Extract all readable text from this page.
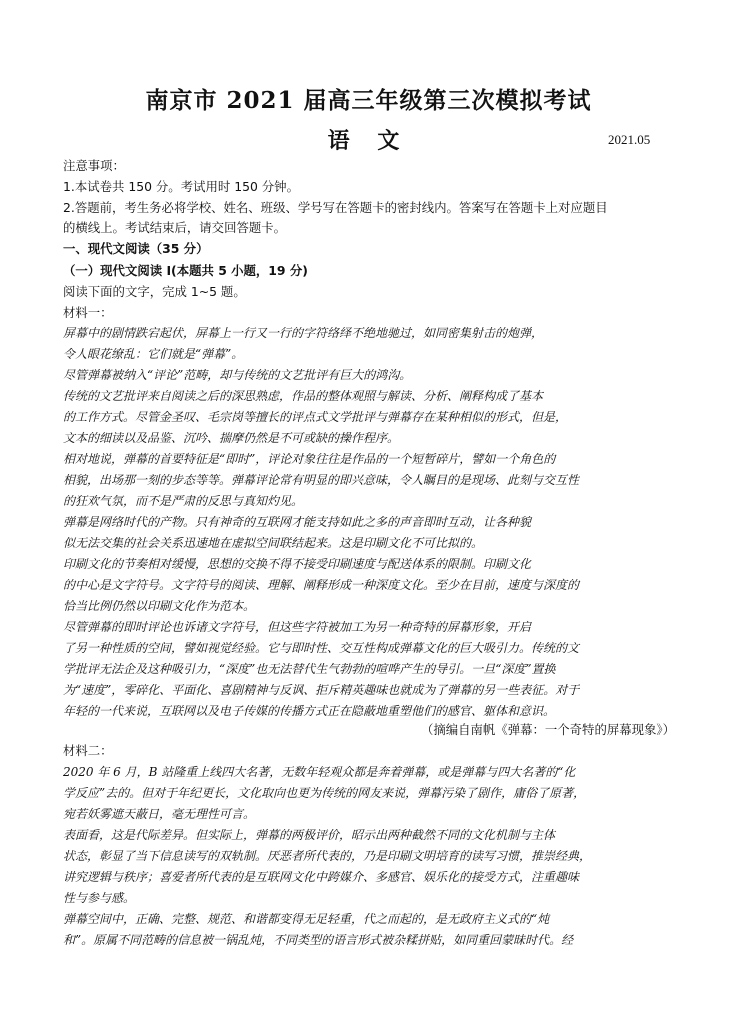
南京市 2021 届高三年级第三次模拟考试
语 文	2021.05
注意事项：
1.本试卷共 150 分。考试用时 150 分钟。
2.答题前，考生务必将学校、姓名、班级、学号写在答题卡的密封线内。答案写在答题卡上对应题目
的横线上。考试结束后，请交回答题卡。
一、现代文阅读（35 分）
（一）现代文阅读 I(本题共 5 小题，19 分)
阅读下面的文字，完成 1~5 题。
材料一：
屏幕中的剧情跌宕起伏，屏幕上一行又一行的字符络绎不绝地驰过，如同密集射击的炮弹，
令人眼花缭乱：它们就是“弹幕”。
尽管弹幕被纳入“评论”范畴，却与传统的文艺批评有巨大的鸿沟。
传统的文艺批评来自阅读之后的深思熟虑，作品的整体观照与解读、分析、阐释构成了基本
的工作方式。尽管金圣叹、毛宗岗等擅长的评点式文学批评与弹幕存在某种相似的形式，但是，
文本的细读以及品鉴、沉吟、揣摩仍然是不可或缺的操作程序。
相对地说，弹幕的首要特征是“即时”，评论对象往往是作品的一个短暂碎片，譬如一个角色的
相貌，出场那一刻的步态等等。弹幕评论常有明显的即兴意味，令人瞩目的是现场、此刻与交互性
的狂欢气氛，而不是严肃的反思与真知灼见。
弹幕是网络时代的产物。只有神奇的互联网才能支持如此之多的声音即时互动，让各种貌
似无法交集的社会关系迅速地在虚拟空间联结起来。这是印刷文化不可比拟的。
印刷文化的节奏相对缓慢，思想的交换不得不接受印刷速度与配送体系的限制。印刷文化
的中心是文字符号。文字符号的阅读、理解、阐释形成一种深度文化。至少在目前，速度与深度的
恰当比例仍然以印刷文化作为范本。
尽管弹幕的即时评论也诉诸文字符号，但这些字符被加工为另一种奇特的屏幕形象，开启
了另一种性质的空间，譬如视觉经验。它与即时性、交互性构成弹幕文化的巨大吸引力。传统的文
学批评无法企及这种吸引力，“深度”也无法替代生气勃勃的喧哗产生的导引。一旦“深度”置换
为“速度”，零碎化、平面化、喜剧精神与反讽、拒斥精英趣味也就成为了弹幕的另一些表征。对于
年轻的一代来说，互联网以及电子传媒的传播方式正在隐蔽地重塑他们的感官、躯体和意识。
（摘编自南帆《弹幕：一个奇特的屏幕现象》）
材料二：
2020 年 6 月，B 站隆重上线四大名著，无数年轻观众都是奔着弹幕，或是弹幕与四大名著的“化
学反应”去的。但对于年纪更长，文化取向也更为传统的网友来说，弹幕污染了剧作，庸俗了原著，
宛若妖雾遮天蔽日，毫无理性可言。
表面看，这是代际差异。但实际上，弹幕的两极评价，昭示出两种截然不同的文化机制与主体
状态，彰显了当下信息读写的双轨制。厌恶者所代表的，乃是印刷文明培育的读写习惯，推崇经典，
讲究逻辑与秩序；喜爱者所代表的是互联网文化中跨媒介、多感官、娱乐化的接受方式，注重趣味
性与参与感。
弹幕空间中，正确、完整、规范、和谐都变得无足轻重，代之而起的，是无政府主义式的“炖
和”。原属不同范畴的信息被一锅乱炖，不同类型的语言形式被杂糅拼贴，如同重回蒙昧时代。经
